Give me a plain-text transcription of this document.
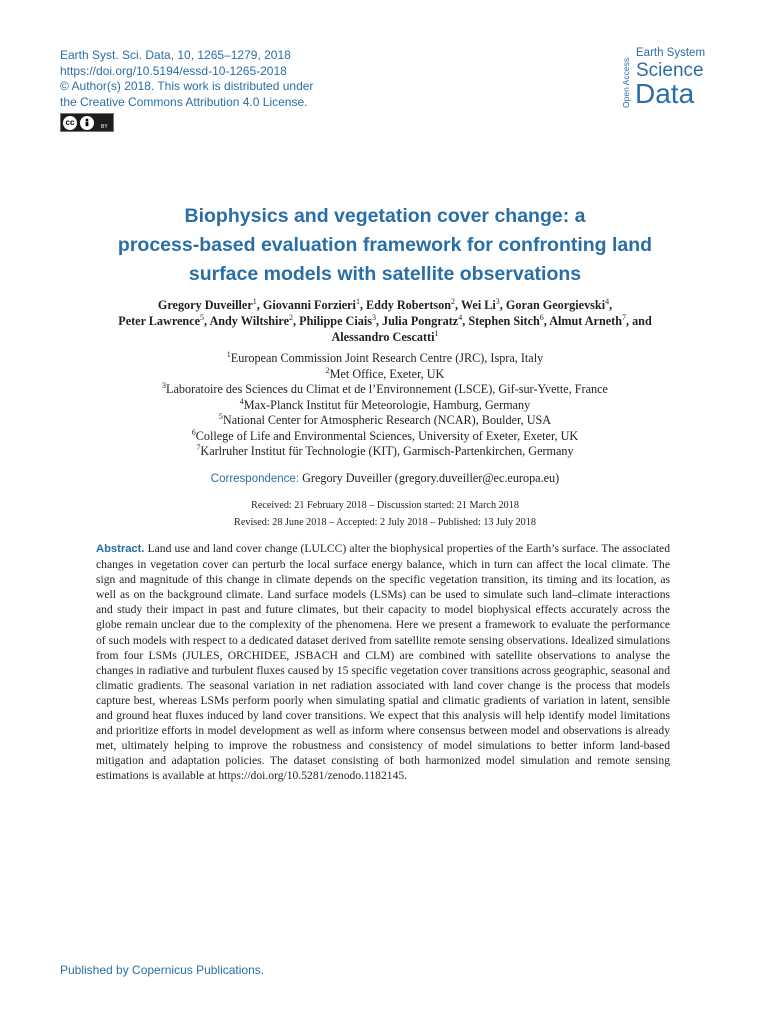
Earth Syst. Sci. Data, 10, 1265–1279, 2018
https://doi.org/10.5194/essd-10-1265-2018
© Author(s) 2018. This work is distributed under
the Creative Commons Attribution 4.0 License.
cc	BY
Open Access
Earth System
Science
Data
Biophysics and vegetation cover change: a
process-based evaluation framework for confronting land
surface models with satellite observations
Gregory Duveiller$^1$, Giovanni Forzieri$^1$, Eddy Robertson$^2$, Wei Li$^3$, Goran Georgievski$^4$,
Peter Lawrence$^5$, Andy Wiltshire$^2$, Philippe Ciais$^3$, Julia Pongratz$^4$, Stephen Sitch$^6$, Almut Arneth$^7$, and
Alessandro Cescatti$^1$
$^1$European Commission Joint Research Centre (JRC), Ispra, Italy
$^2$Met Office, Exeter, UK
$^3$Laboratoire des Sciences du Climat et de l’Environnement (LSCE), Gif-sur-Yvette, France
$^4$Max-Planck Institut für Meteorologie, Hamburg, Germany
$^5$National Center for Atmospheric Research (NCAR), Boulder, USA
$^6$College of Life and Environmental Sciences, University of Exeter, Exeter, UK
$^7$Karlruher Institut für Technologie (KIT), Garmisch-Partenkirchen, Germany
Correspondence: Gregory Duveiller (gregory.duveiller@ec.europa.eu)
Received: 21 February 2018 – Discussion started: 21 March 2018
Revised: 28 June 2018 – Accepted: 2 July 2018 – Published: 13 July 2018
Abstract. Land use and land cover change (LULCC) alter the biophysical properties of the Earth’s surface. The associated changes in vegetation cover can perturb the local surface energy balance, which in turn can affect the local climate. The sign and magnitude of this change in climate depends on the specific vegetation transition, its timing and its location, as well as on the background climate. Land surface models (LSMs) can be used to simulate such land–climate interactions and study their impact in past and future climates, but their capacity to model biophysical effects accurately across the globe remain unclear due to the complexity of the phenomena. Here we present a framework to evaluate the performance of such models with respect to a dedicated dataset derived from satellite remote sensing observations. Idealized simulations from four LSMs (JULES, ORCHIDEE, JSBACH and CLM) are combined with satellite observations to analyse the changes in radiative and turbulent fluxes caused by 15 specific vegetation cover transitions across geographic, seasonal and climatic gradients. The seasonal variation in net radiation associated with land cover change is the process that models capture best, whereas LSMs perform poorly when simulating spatial and climatic gradients of variation in latent, sensible and ground heat fluxes induced by land cover transitions. We expect that this analysis will help identify model limitations and prioritize efforts in model development as well as inform where consensus between model and observations is already met, ultimately helping to improve the robustness and consistency of model simulations to better inform land-based mitigation and adaptation policies. The dataset consisting of both harmonized model simulation and remote sensing estimations is available at https://doi.org/10.5281/zenodo.1182145.
Published by Copernicus Publications.
